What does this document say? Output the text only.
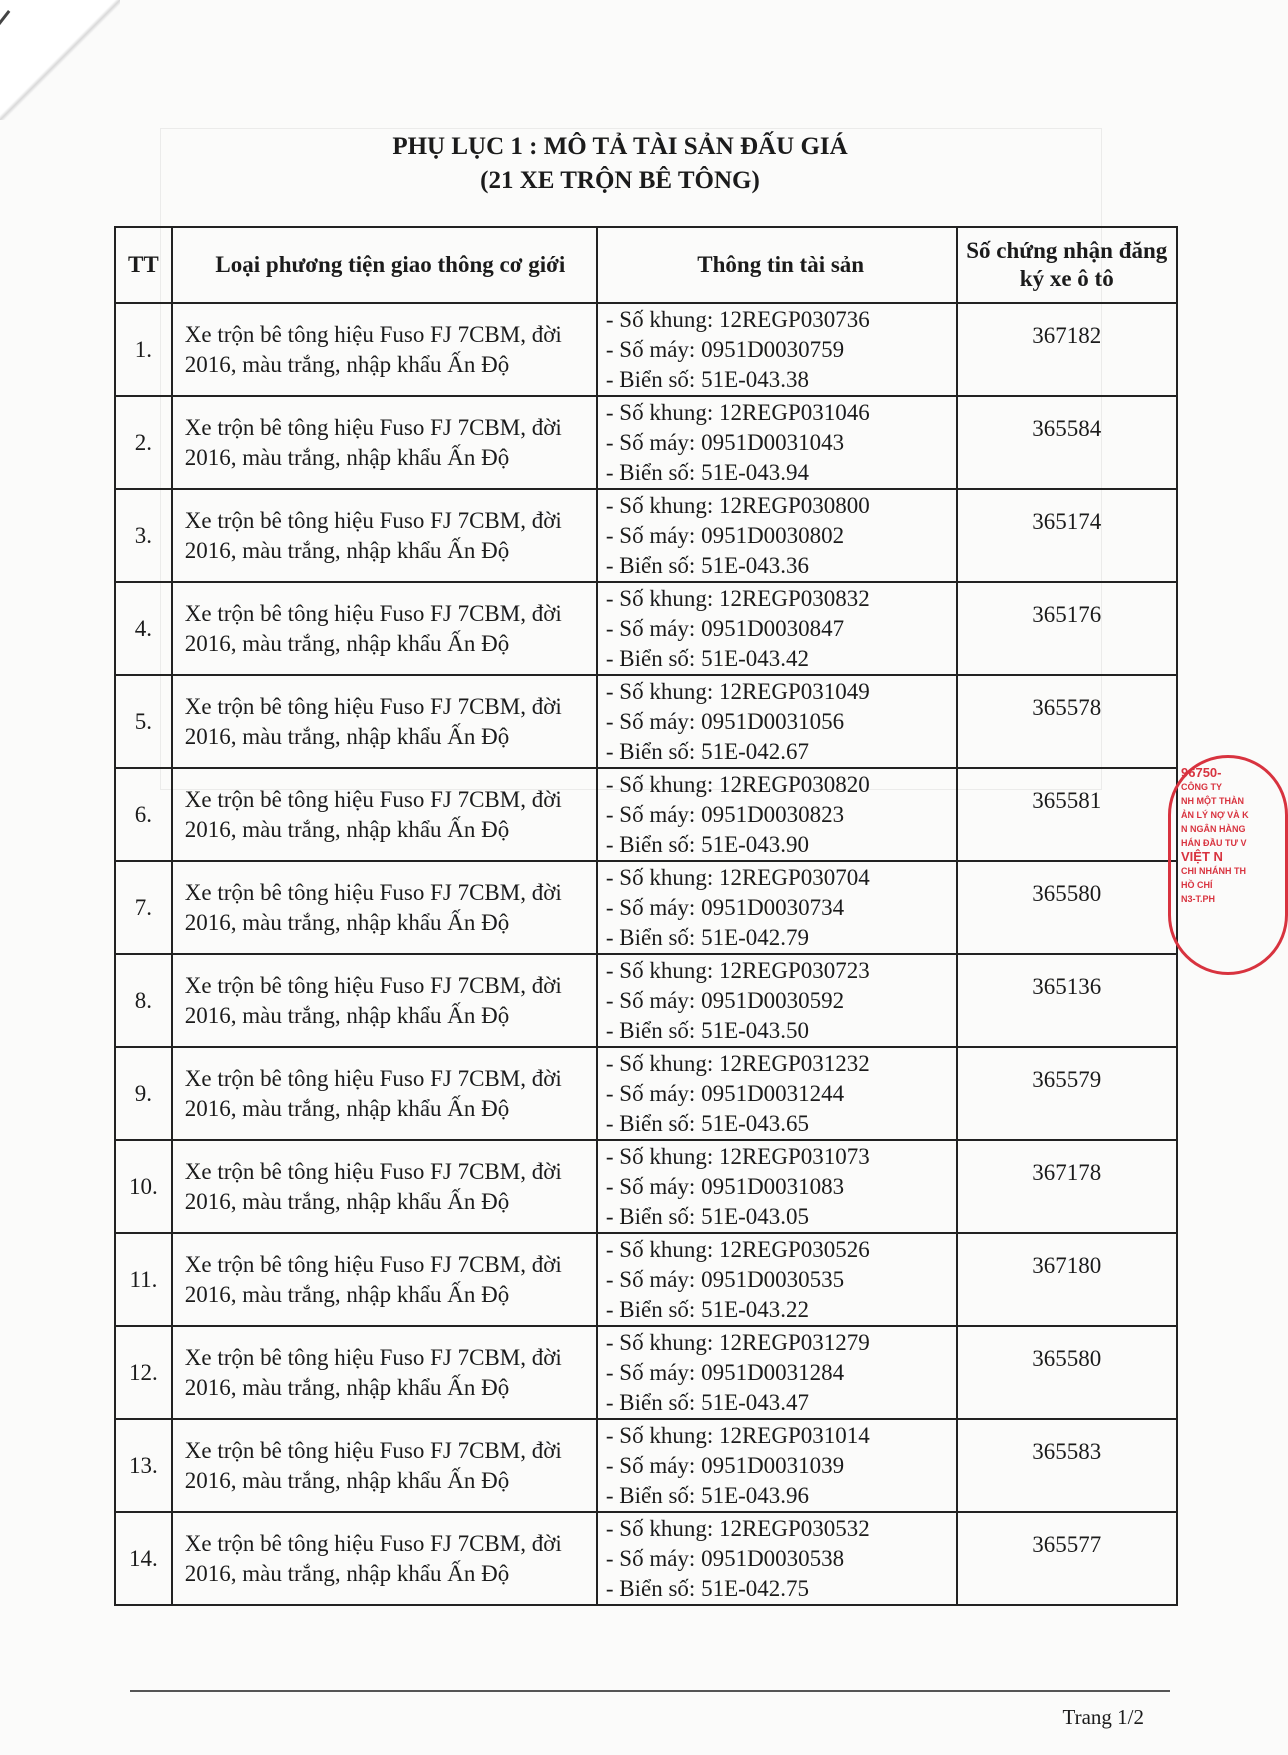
PHỤ LỤC 1 : MÔ TẢ TÀI SẢN ĐẤU GIÁ
(21 XE TRỘN BÊ TÔNG)
TT	Loại phương tiện giao thông cơ giới	Thông tin tài sản	Số chứng nhận đăng ký xe ô tô
1.	Xe trộn bê tông hiệu Fuso FJ 7CBM, đời 2016, màu trắng, nhập khẩu Ấn Độ	- Số khung: 12REGP030736
- Số máy: 0951D0030759
- Biển số: 51E-043.38	367182
2.	Xe trộn bê tông hiệu Fuso FJ 7CBM, đời 2016, màu trắng, nhập khẩu Ấn Độ	- Số khung: 12REGP031046
- Số máy: 0951D0031043
- Biển số: 51E-043.94	365584
3.	Xe trộn bê tông hiệu Fuso FJ 7CBM, đời 2016, màu trắng, nhập khẩu Ấn Độ	- Số khung: 12REGP030800
- Số máy: 0951D0030802
- Biển số: 51E-043.36	365174
4.	Xe trộn bê tông hiệu Fuso FJ 7CBM, đời 2016, màu trắng, nhập khẩu Ấn Độ	- Số khung: 12REGP030832
- Số máy: 0951D0030847
- Biển số: 51E-043.42	365176
5.	Xe trộn bê tông hiệu Fuso FJ 7CBM, đời 2016, màu trắng, nhập khẩu Ấn Độ	- Số khung: 12REGP031049
- Số máy: 0951D0031056
- Biển số: 51E-042.67	365578
6.	Xe trộn bê tông hiệu Fuso FJ 7CBM, đời 2016, màu trắng, nhập khẩu Ấn Độ	- Số khung: 12REGP030820
- Số máy: 0951D0030823
- Biển số: 51E-043.90	365581
7.	Xe trộn bê tông hiệu Fuso FJ 7CBM, đời 2016, màu trắng, nhập khẩu Ấn Độ	- Số khung: 12REGP030704
- Số máy: 0951D0030734
- Biển số: 51E-042.79	365580
8.	Xe trộn bê tông hiệu Fuso FJ 7CBM, đời 2016, màu trắng, nhập khẩu Ấn Độ	- Số khung: 12REGP030723
- Số máy: 0951D0030592
- Biển số: 51E-043.50	365136
9.	Xe trộn bê tông hiệu Fuso FJ 7CBM, đời 2016, màu trắng, nhập khẩu Ấn Độ	- Số khung: 12REGP031232
- Số máy: 0951D0031244
- Biển số: 51E-043.65	365579
10.	Xe trộn bê tông hiệu Fuso FJ 7CBM, đời 2016, màu trắng, nhập khẩu Ấn Độ	- Số khung: 12REGP031073
- Số máy: 0951D0031083
- Biển số: 51E-043.05	367178
11.	Xe trộn bê tông hiệu Fuso FJ 7CBM, đời 2016, màu trắng, nhập khẩu Ấn Độ	- Số khung: 12REGP030526
- Số máy: 0951D0030535
- Biển số: 51E-043.22	367180
12.	Xe trộn bê tông hiệu Fuso FJ 7CBM, đời 2016, màu trắng, nhập khẩu Ấn Độ	- Số khung: 12REGP031279
- Số máy: 0951D0031284
- Biển số: 51E-043.47	365580
13.	Xe trộn bê tông hiệu Fuso FJ 7CBM, đời 2016, màu trắng, nhập khẩu Ấn Độ	- Số khung: 12REGP031014
- Số máy: 0951D0031039
- Biển số: 51E-043.96	365583
14.	Xe trộn bê tông hiệu Fuso FJ 7CBM, đời 2016, màu trắng, nhập khẩu Ấn Độ	- Số khung: 12REGP030532
- Số máy: 0951D0030538
- Biển số: 51E-042.75	365577
96750-
CÔNG TY
NH MỘT THÀN
ẢN LÝ NỢ VÀ K
N NGÂN HÀNG
HÁN ĐẦU TƯ V
VIỆT N
CHI NHÁNH TH
HỒ CHÍ
N3-T.PH
Trang 1/2
